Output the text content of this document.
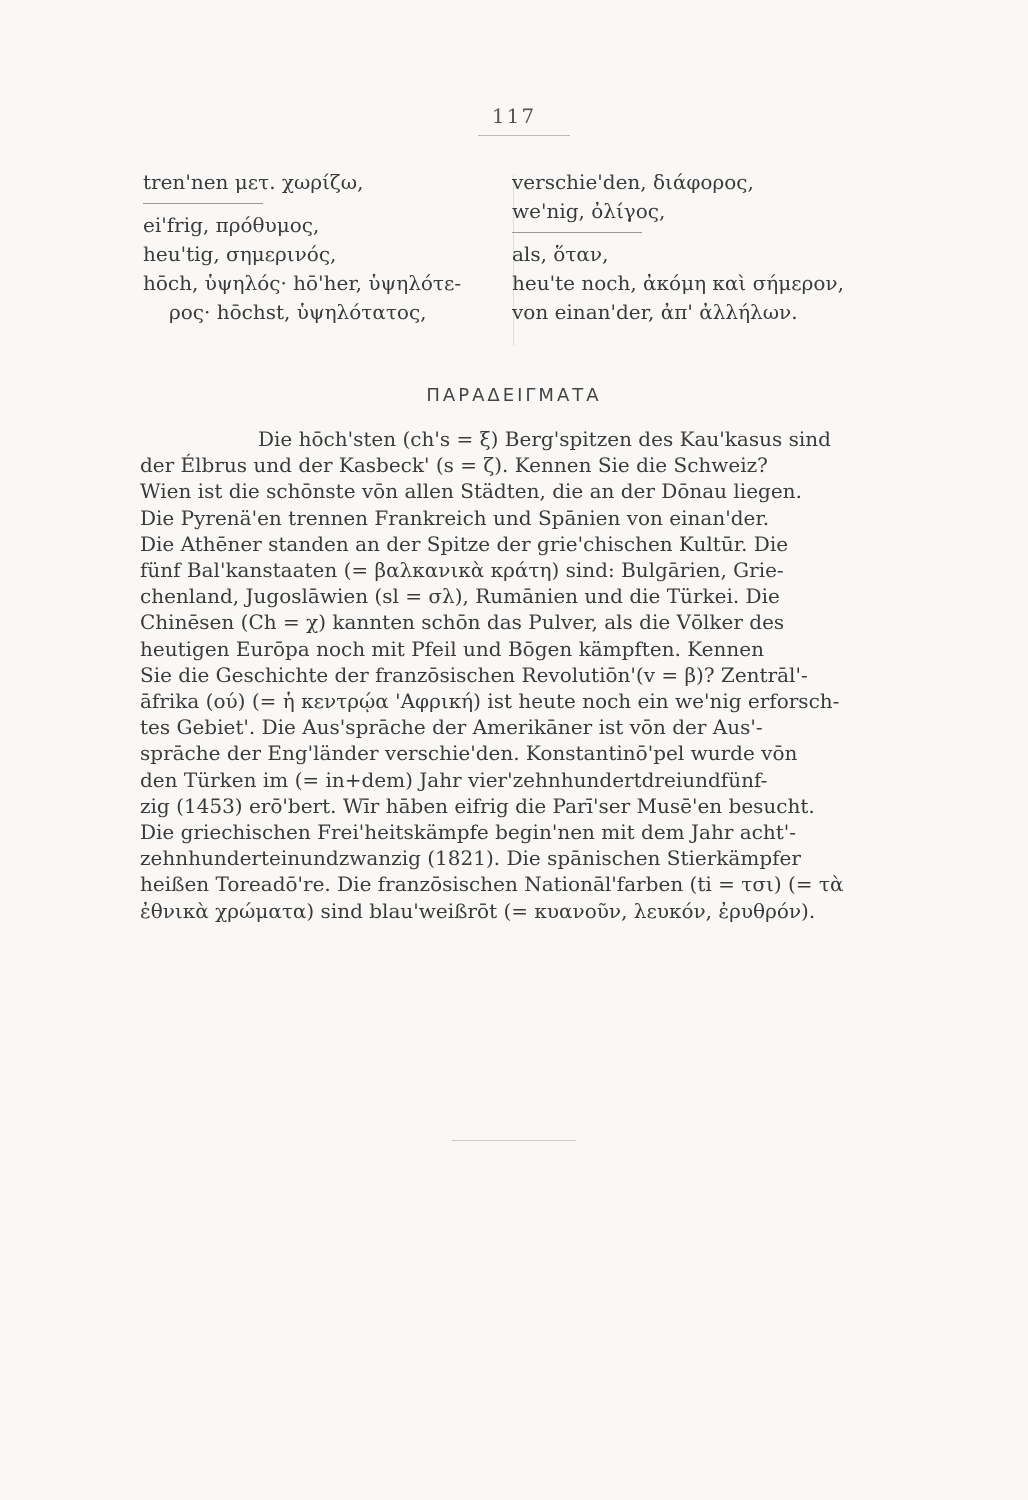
117
tren'nen μετ. χωρίζω,
ei'frig, πρόθυμος,
heu'tig, σημερινός,
hōch, ὑψηλός· hō'her, ὑψηλότε-
ρος· hōchst, ὑψηλότατος,
verschie'den, διάφορος,
we'nig, ὀλίγος,
als, ὅταν,
heu'te noch, ἀκόμη καὶ σήμερον,
von einan'der, ἀπ' ἀλλήλων.
ΠΑΡΑΔΕΙΓΜΑΤΑ
Die hōch'sten (ch's = ξ) Berg'spitzen des Kau'kasus sind
der Élbrus und der Kasbeck' (s = ζ). Kennen Sie die Schweiz?
Wien ist die schōnste vōn allen Städten, die an der Dōnau liegen.
Die Pyrenä'en trennen Frankreich und Spānien von einan'der.
Die Athēner standen an der Spitze der grie'chischen Kultūr. Die
fünf Bal'kanstaaten (= βαλκανικὰ κράτη) sind: Bulgārien, Grie-
chenland, Jugoslāwien (sl = σλ), Rumānien und die Türkei. Die
Chinēsen (Ch = χ) kannten schōn das Pulver, als die Vōlker des
heutigen Eurōpa noch mit Pfeil und Bōgen kämpften. Kennen
Sie die Geschichte der franzōsischen Revolutiōn'(v = β)? Zentrāl'-
āfrika (ού) (= ἡ κεντρῴα 'Αφρική) ist heute noch ein we'nig erforsch-
tes Gebiet'. Die Aus'sprāche der Amerikāner ist vōn der Aus'-
sprāche der Eng'länder verschie'den. Konstantinō'pel wurde vōn
den Türken im (= in+dem) Jahr vier'zehnhundertdreiundfünf-
zig (1453) erō'bert. Wīr hāben eifrig die Parī'ser Musē'en besucht.
Die griechischen Frei'heitskämpfe begin'nen mit dem Jahr acht'-
zehnhunderteinundzwanzig (1821). Die spānischen Stierkämpfer
heißen Toreadō're. Die franzōsischen Nationāl'farben (ti = τσι) (= τὰ
ἐθνικὰ χρώματα) sind blau'weißrōt (= κυανοῦν, λευκόν, ἐρυθρόν).
